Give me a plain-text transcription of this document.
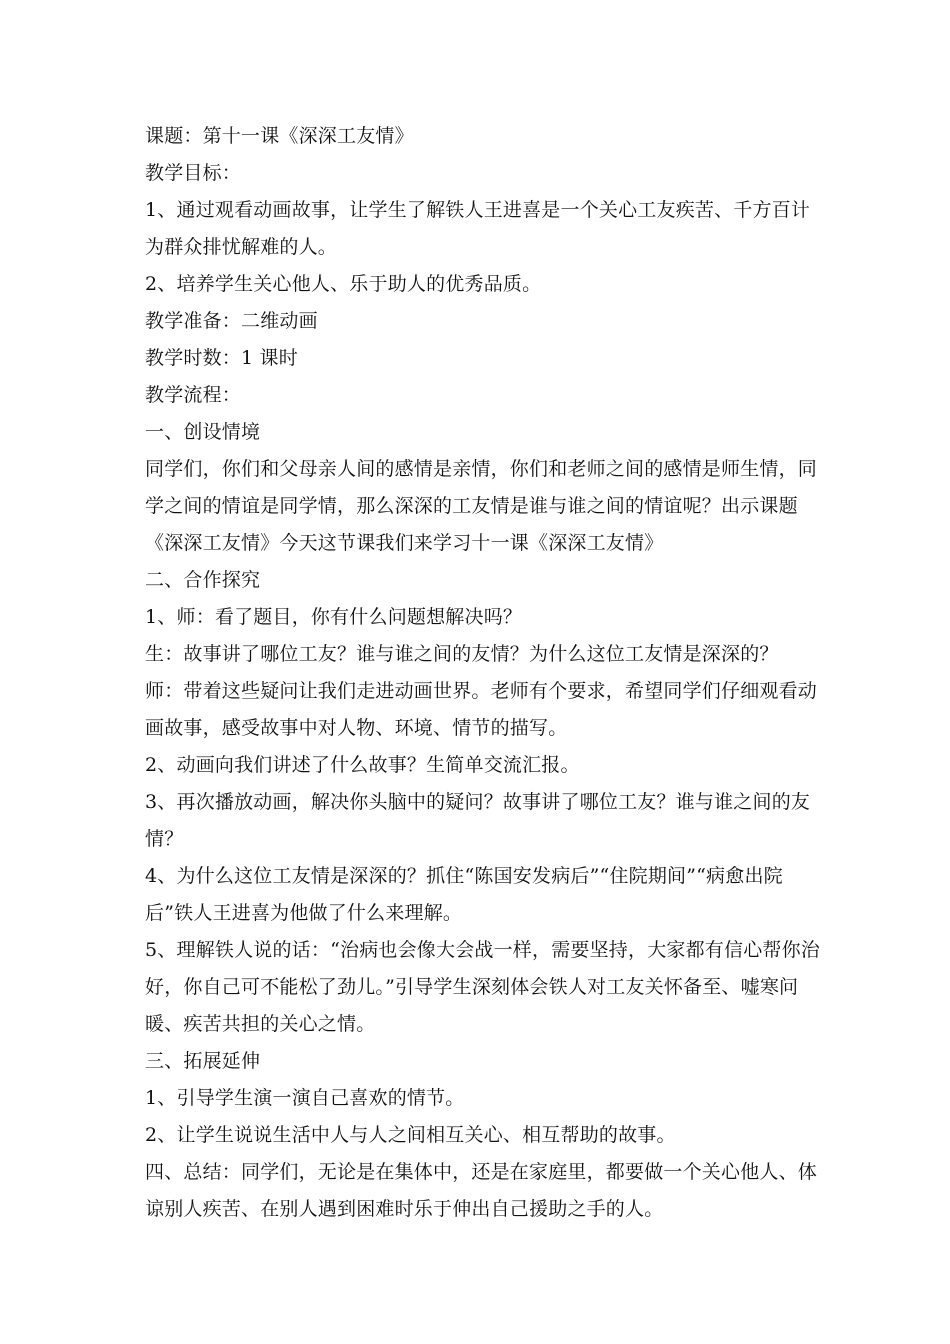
课题：第十一课《深深工友情》
教学目标：
1、通过观看动画故事，让学生了解铁人王进喜是一个关心工友疾苦、千方百计
为群众排忧解难的人。
2、培养学生关心他人、乐于助人的优秀品质。
教学准备：二维动画
教学时数：1 课时
教学流程：
一、创设情境
同学们，你们和父母亲人间的感情是亲情，你们和老师之间的感情是师生情，同
学之间的情谊是同学情，那么深深的工友情是谁与谁之间的情谊呢？出示课题
《深深工友情》今天这节课我们来学习十一课《深深工友情》
二、合作探究
1、师：看了题目，你有什么问题想解决吗？
生：故事讲了哪位工友？谁与谁之间的友情？为什么这位工友情是深深的？
师：带着这些疑问让我们走进动画世界。老师有个要求，希望同学们仔细观看动
画故事，感受故事中对人物、环境、情节的描写。
2、动画向我们讲述了什么故事？生简单交流汇报。
3、再次播放动画，解决你头脑中的疑问？故事讲了哪位工友？谁与谁之间的友
情？
4、为什么这位工友情是深深的？抓住“陈国安发病后”“住院期间”“病愈出院
后”铁人王进喜为他做了什么来理解。
5、理解铁人说的话：“治病也会像大会战一样，需要坚持，大家都有信心帮你治
好，你自己可不能松了劲儿。”引导学生深刻体会铁人对工友关怀备至、嘘寒问
暖、疾苦共担的关心之情。
三、拓展延伸
1、引导学生演一演自己喜欢的情节。
2、让学生说说生活中人与人之间相互关心、相互帮助的故事。
四、总结：同学们，无论是在集体中，还是在家庭里，都要做一个关心他人、体
谅别人疾苦、在别人遇到困难时乐于伸出自己援助之手的人。
